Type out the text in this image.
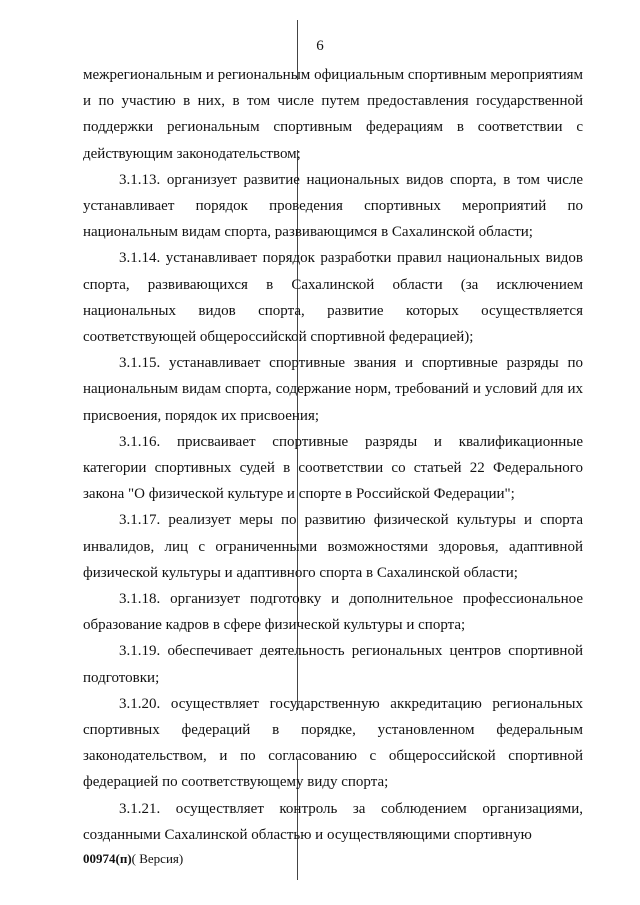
6

межрегиональным и региональным официальным спортивным мероприятиям и по участию в них, в том числе путем предоставления государственной поддержки региональным спортивным федерациям в соответствии с действующим законодательством;

3.1.13. организует развитие национальных видов спорта, в том числе устанавливает порядок проведения спортивных мероприятий по национальным видам спорта, развивающимся в Сахалинской области;

3.1.14. устанавливает порядок разработки правил национальных видов спорта, развивающихся в Сахалинской области (за исключением национальных видов спорта, развитие которых осуществляется соответствующей общероссийской спортивной федерацией);

3.1.15. устанавливает спортивные звания и спортивные разряды по национальным видам спорта, содержание норм, требований и условий для их присвоения, порядок их присвоения;

3.1.16. присваивает спортивные разряды и квалификационные категории спортивных судей в соответствии со статьей 22 Федерального закона "О физической культуре и спорте в Российской Федерации";

3.1.17. реализует меры по развитию физической культуры и спорта инвалидов, лиц с ограниченными возможностями здоровья, адаптивной физической культуры и адаптивного спорта в Сахалинской области;

3.1.18. организует подготовку и дополнительное профессиональное образование кадров в сфере физической культуры и спорта;

3.1.19. обеспечивает деятельность региональных центров спортивной подготовки;

3.1.20. осуществляет государственную аккредитацию региональных спортивных федераций в порядке, установленном федеральным законодательством, и по согласованию с общероссийской спортивной федерацией по соответствующему виду спорта;

3.1.21. осуществляет контроль за соблюдением организациями, созданными Сахалинской областью и осуществляющими спортивную

00974(п)( Версия)
